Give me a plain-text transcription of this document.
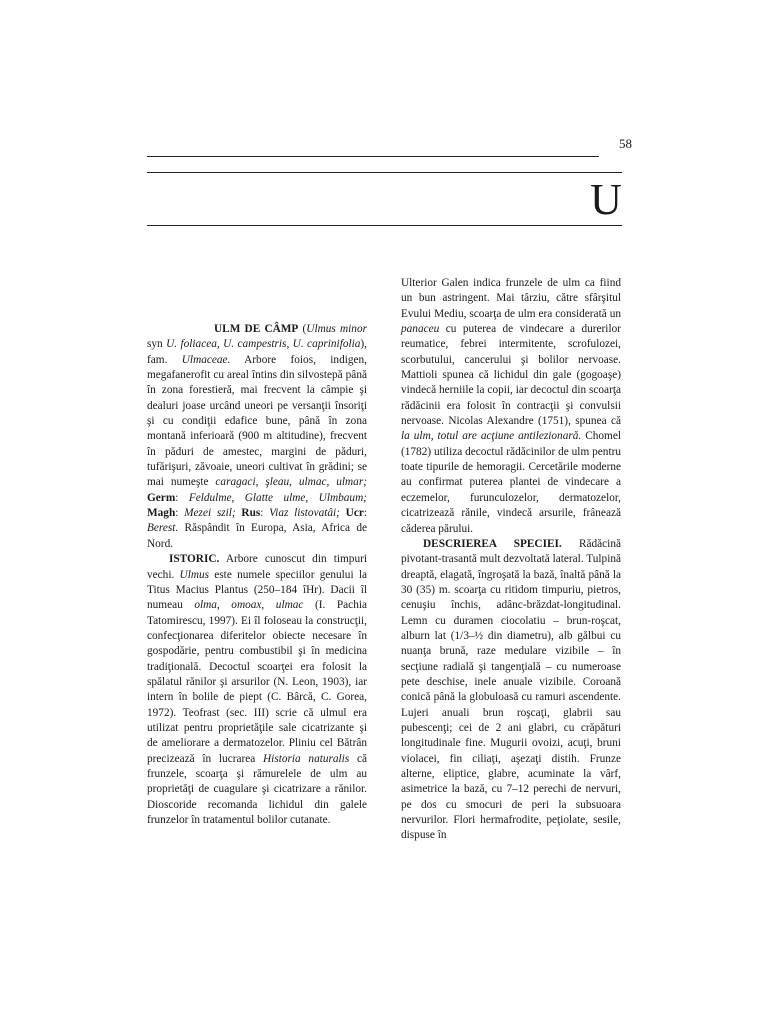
58
U

ULM DE CÂMP (Ulmus minor syn U. foliacea, U. campestris, U. caprinifolia), fam. Ulmaceae. Arbore foios, indigen, megafanerofit cu areal întins din silvostepă până în zona forestieră, mai frecvent la câmpie şi dealuri joase urcând uneori pe versanţii însoriţi şi cu condiţii edafice bune, până în zona montană inferioară (900 m altitudine), frecvent în păduri de amestec, margini de păduri, tufărişuri, zăvoaie, uneori cultivat în grădini; se mai numeşte caragaci, şleau, ulmac, ulmar; Germ: Feldulme, Glatte ulme, Ulmbaum; Magh: Mezei szil; Rus: Viaz listovatâi; Ucr: Berest. Răspândit în Europa, Asia, Africa de Nord.

ISTORIC. Arbore cunoscut din timpuri vechi. Ulmus este numele speciilor genului la Titus Macius Plantus (250–184 îHr). Dacii îl numeau olma, omoax, ulmac (I. Pachia Tatomirescu, 1997). Ei îl foloseau la construcţii, confecţionarea diferitelor obiecte necesare în gospodărie, pentru combustibil şi în medicina tradiţională. Decoctul scoarţei era folosit la spălatul rănilor şi arsurilor (N. Leon, 1903), iar intern în bolile de piept (C. Bârcă, C. Gorea, 1972). Teofrast (sec. III) scrie că ulmul era utilizat pentru proprietăţile sale cicatrizante şi de ameliorare a dermatozelor. Pliniu cel Bătrân precizează în lucrarea Historia naturalis că frunzele, scoarţa şi rămurelele de ulm au proprietăţi de cuagulare şi cicatrizare a rănilor. Dioscoride recomanda lichidul din galele frunzelor în tratamentul bolilor cutanate.

Ulterior Galen indica frunzele de ulm ca fiind un bun astringent. Mai târziu, către sfârşitul Evului Mediu, scoarţa de ulm era considerată un panaceu cu puterea de vindecare a durerilor reumatice, febrei intermitente, scrofulozei, scorbutului, cancerului şi bolilor nervoase. Mattioli spunea că lichidul din gale (gogoaşe) vindecă herniile la copii, iar decoctul din scoarţa rădăcinii era folosit în contracţii şi convulsii nervoase. Nicolas Alexandre (1751), spunea că la ulm, totul are acţiune antilezionară. Chomel (1782) utiliza decoctul rădăcinilor de ulm pentru toate tipurile de hemoragii. Cercetările moderne au confirmat puterea plantei de vindecare a eczemelor, furunculozelor, dermatozelor, cicatrizează rănile, vindecă arsurile, frânează căderea părului.

DESCRIEREA SPECIEI. Rădăcină pivotant-trasantă mult dezvoltată lateral. Tulpină dreaptă, elagată, îngroşată la bază, înaltă până la 30 (35) m. scoarţa cu ritidom timpuriu, pietros, cenuşiu închis, adânc-brăzdat-longitudinal. Lemn cu duramen ciocolatiu – brun-roşcat, alburn lat (1/3–½ din diametru), alb gălbui cu nuanţa brună, raze medulare vizibile – în secţiune radială şi tangenţială – cu numeroase pete deschise, inele anuale vizibile. Coroană conică până la globuloasă cu ramuri ascendente. Lujeri anuali brun roşcaţi, glabrii sau pubescenţi; cei de 2 ani glabri, cu crăpături longitudinale fine. Mugurii ovoizi, acuţi, bruni violacei, fin ciliaţi, aşezaţi distih. Frunze alterne, eliptice, glabre, acuminate la vârf, asimetrice la bază, cu 7–12 perechi de nervuri, pe dos cu smocuri de peri la subsuoara nervurilor. Flori hermafrodite, peţiolate, sesile, dispuse în
